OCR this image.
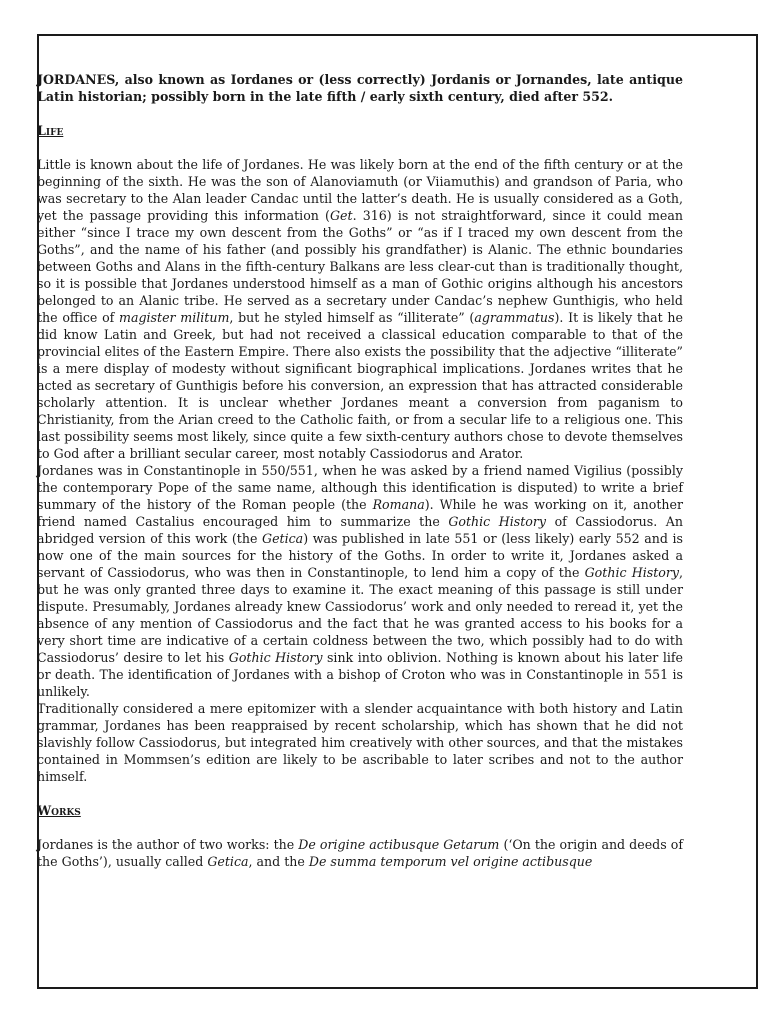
JORDANES, also known as Iordanes or (less correctly) Jordanis or Jornandes, late antique Latin historian; possibly born in the late fifth / early sixth century, died after 552.

Life

Little is known about the life of Jordanes. He was likely born at the end of the fifth century or at the beginning of the sixth. He was the son of Alanoviamuth (or Viiamuthis) and grandson of Paria, who was secretary to the Alan leader Candac until the latter’s death. He is usually considered as a Goth, yet the passage providing this information (Get. 316) is not straightforward, since it could mean either “since I trace my own descent from the Goths” or “as if I traced my own descent from the Goths”, and the name of his father (and possibly his grandfather) is Alanic. The ethnic boundaries between Goths and Alans in the fifth-century Balkans are less clear-cut than is traditionally thought, so it is possible that Jordanes understood himself as a man of Gothic origins although his ancestors belonged to an Alanic tribe. He served as a secretary under Candac’s nephew Gunthigis, who held the office of magister militum, but he styled himself as “illiterate” (agrammatus). It is likely that he did know Latin and Greek, but had not received a classical education comparable to that of the provincial elites of the Eastern Empire. There also exists the possibility that the adjective “illiterate” is a mere display of modesty without significant biographical implications. Jordanes writes that he acted as secretary of Gunthigis before his conversion, an expression that has attracted considerable scholarly attention. It is unclear whether Jordanes meant a conversion from paganism to Christianity, from the Arian creed to the Catholic faith, or from a secular life to a religious one. This last possibility seems most likely, since quite a few sixth-century authors chose to devote themselves to God after a brilliant secular career, most notably Cassiodorus and Arator.

Jordanes was in Constantinople in 550/551, when he was asked by a friend named Vigilius (possibly the contemporary Pope of the same name, although this identification is disputed) to write a brief summary of the history of the Roman people (the Romana). While he was working on it, another friend named Castalius encouraged him to summarize the Gothic History of Cassiodorus. An abridged version of this work (the Getica) was published in late 551 or (less likely) early 552 and is now one of the main sources for the history of the Goths. In order to write it, Jordanes asked a servant of Cassiodorus, who was then in Constantinople, to lend him a copy of the Gothic History, but he was only granted three days to examine it. The exact meaning of this passage is still under dispute. Presumably, Jordanes already knew Cassiodorus’ work and only needed to reread it, yet the absence of any mention of Cassiodorus and the fact that he was granted access to his books for a very short time are indicative of a certain coldness between the two, which possibly had to do with Cassiodorus’ desire to let his Gothic History sink into oblivion. Nothing is known about his later life or death. The identification of Jordanes with a bishop of Croton who was in Constantinople in 551 is unlikely.

Traditionally considered a mere epitomizer with a slender acquaintance with both history and Latin grammar, Jordanes has been reappraised by recent scholarship, which has shown that he did not slavishly follow Cassiodorus, but integrated him creatively with other sources, and that the mistakes contained in Mommsen’s edition are likely to be ascribable to later scribes and not to the author himself.

Works

Jordanes is the author of two works: the De origine actibusque Getarum (‘On the origin and deeds of the Goths’), usually called Getica, and the De summa temporum vel origine actibusque
